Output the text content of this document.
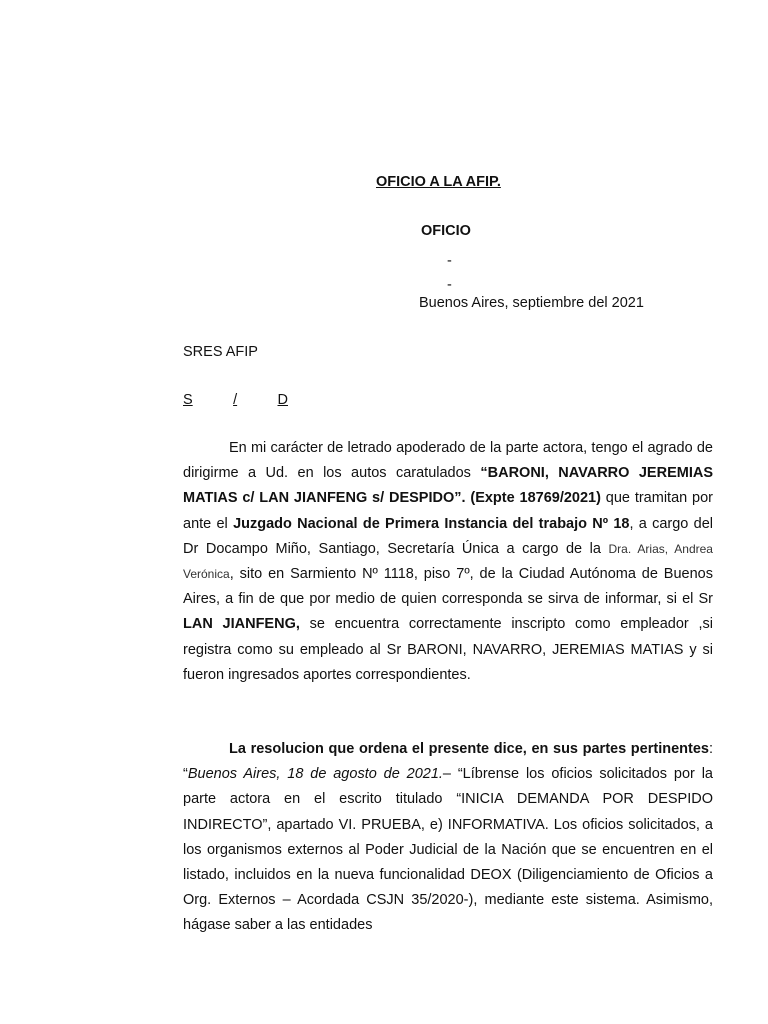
OFICIO A LA AFIP.
OFICIO
-
-
Buenos Aires, septiembre del 2021
SRES AFIP
S	/	D
En mi carácter de letrado apoderado de la parte actora, tengo el agrado de dirigirme a Ud. en los autos caratulados “BARONI, NAVARRO JEREMIAS MATIAS c/ LAN JIANFENG s/ DESPIDO”. (Expte 18769/2021) que tramitan por ante el Juzgado Nacional de Primera Instancia del trabajo Nº 18, a cargo del Dr Docampo Miño, Santiago, Secretaría Única a cargo de la Dra. Arias, Andrea Verónica, sito en Sarmiento Nº 1118, piso 7º, de la Ciudad Autónoma de Buenos Aires, a fin de que por medio de quien corresponda se sirva de informar, si el Sr LAN JIANFENG, se encuentra correctamente inscripto como empleador ,si registra como su empleado al Sr BARONI, NAVARRO, JEREMIAS MATIAS y si fueron ingresados aportes correspondientes.
La resolucion que ordena el presente dice, en sus partes pertinentes: “Buenos Aires, 18 de agosto de 2021.– “Líbrense los oficios solicitados por la parte actora en el escrito titulado “INICIA DEMANDA POR DESPIDO INDIRECTO”, apartado VI. PRUEBA, e) INFORMATIVA. Los oficios solicitados, a los organismos externos al Poder Judicial de la Nación que se encuentren en el listado, incluidos en la nueva funcionalidad DEOX (Diligenciamiento de Oficios a Org. Externos – Acordada CSJN 35/2020-), mediante este sistema. Asimismo, hágase saber a las entidades
